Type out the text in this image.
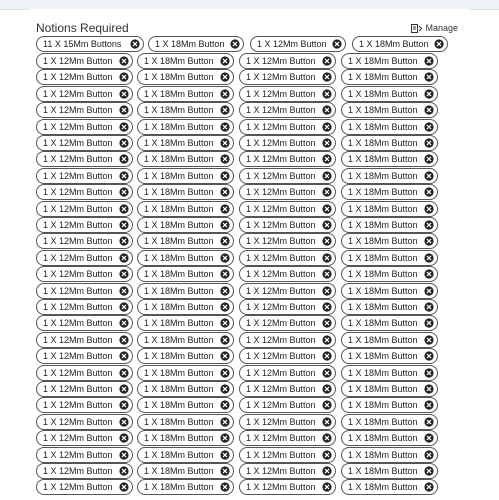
Notions Required	Manage
11 X 15Mm Buttons	1 X 18Mm Button	1 X 12Mm Button	1 X 18Mm Button
1 X 12Mm Button	1 X 18Mm Button	1 X 12Mm Button	1 X 18Mm Button
1 X 12Mm Button	1 X 18Mm Button	1 X 12Mm Button	1 X 18Mm Button
1 X 12Mm Button	1 X 18Mm Button	1 X 12Mm Button	1 X 18Mm Button
1 X 12Mm Button	1 X 18Mm Button	1 X 12Mm Button	1 X 18Mm Button
1 X 12Mm Button	1 X 18Mm Button	1 X 12Mm Button	1 X 18Mm Button
1 X 12Mm Button	1 X 18Mm Button	1 X 12Mm Button	1 X 18Mm Button
1 X 12Mm Button	1 X 18Mm Button	1 X 12Mm Button	1 X 18Mm Button
1 X 12Mm Button	1 X 18Mm Button	1 X 12Mm Button	1 X 18Mm Button
1 X 12Mm Button	1 X 18Mm Button	1 X 12Mm Button	1 X 18Mm Button
1 X 12Mm Button	1 X 18Mm Button	1 X 12Mm Button	1 X 18Mm Button
1 X 12Mm Button	1 X 18Mm Button	1 X 12Mm Button	1 X 18Mm Button
1 X 12Mm Button	1 X 18Mm Button	1 X 12Mm Button	1 X 18Mm Button
1 X 12Mm Button	1 X 18Mm Button	1 X 12Mm Button	1 X 18Mm Button
1 X 12Mm Button	1 X 18Mm Button	1 X 12Mm Button	1 X 18Mm Button
1 X 12Mm Button	1 X 18Mm Button	1 X 12Mm Button	1 X 18Mm Button
1 X 12Mm Button	1 X 18Mm Button	1 X 12Mm Button	1 X 18Mm Button
1 X 12Mm Button	1 X 18Mm Button	1 X 12Mm Button	1 X 18Mm Button
1 X 12Mm Button	1 X 18Mm Button	1 X 12Mm Button	1 X 18Mm Button
1 X 12Mm Button	1 X 18Mm Button	1 X 12Mm Button	1 X 18Mm Button
1 X 12Mm Button	1 X 18Mm Button	1 X 12Mm Button	1 X 18Mm Button
1 X 12Mm Button	1 X 18Mm Button	1 X 12Mm Button	1 X 18Mm Button
1 X 12Mm Button	1 X 18Mm Button	1 X 12Mm Button	1 X 18Mm Button
1 X 12Mm Button	1 X 18Mm Button	1 X 12Mm Button	1 X 18Mm Button
1 X 12Mm Button	1 X 18Mm Button	1 X 12Mm Button	1 X 18Mm Button
1 X 12Mm Button	1 X 18Mm Button	1 X 12Mm Button	1 X 18Mm Button
1 X 12Mm Button	1 X 18Mm Button	1 X 12Mm Button	1 X 18Mm Button
1 X 12Mm Button	1 X 18Mm Button	1 X 12Mm Button	1 X 18Mm Button
